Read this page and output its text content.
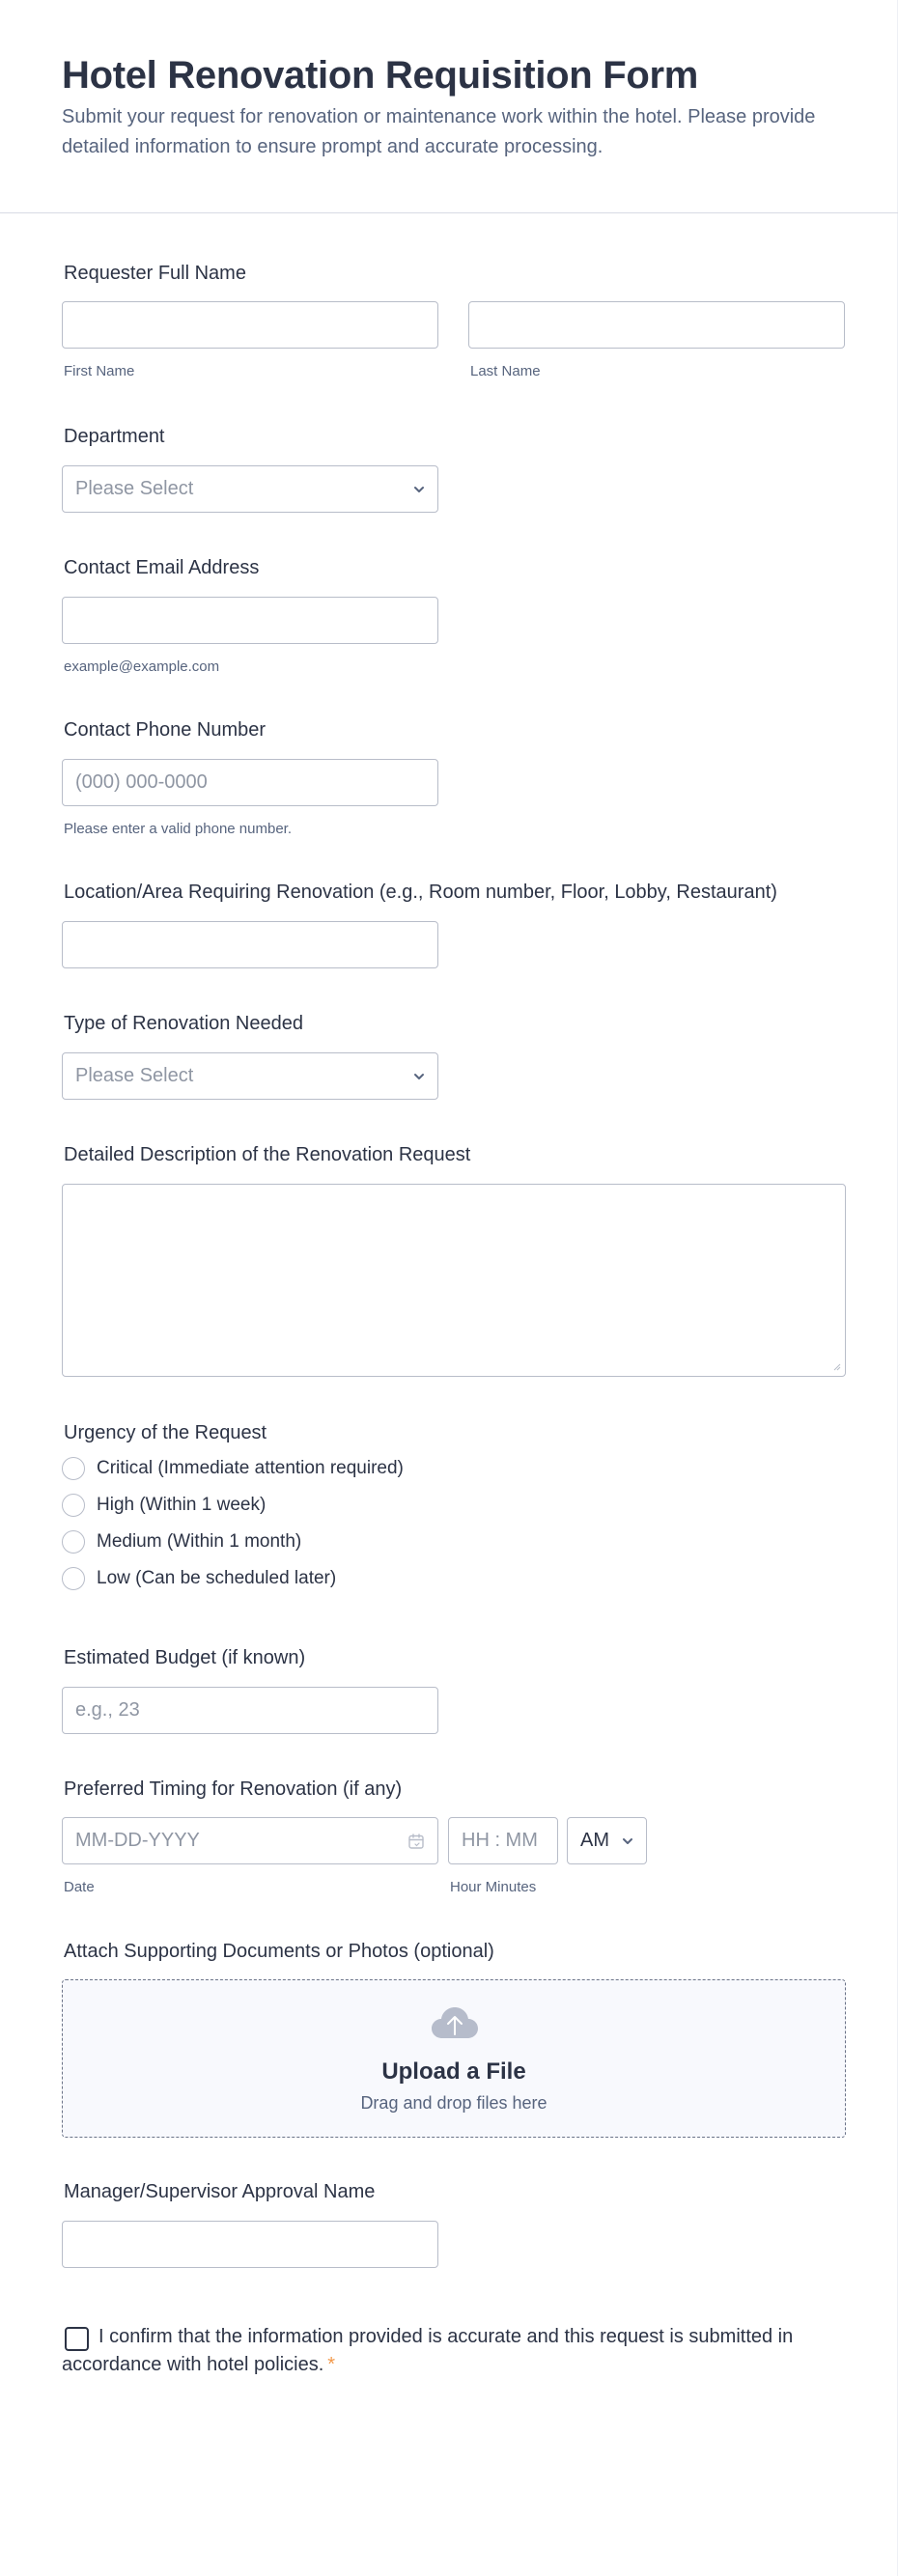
Hotel Renovation Requisition Form

Submit your request for renovation or maintenance work within the hotel. Please provide detailed information to ensure prompt and accurate processing.

Requester Full Name
First Name	Last Name
Department
Please Select
Contact Email Address
example@example.com
Contact Phone Number
(000) 000-0000
Please enter a valid phone number.
Location/Area Requiring Renovation (e.g., Room number, Floor, Lobby, Restaurant)
Type of Renovation Needed
Please Select
Detailed Description of the Renovation Request
Urgency of the Request
Critical (Immediate attention required)
High (Within 1 week)
Medium (Within 1 month)
Low (Can be scheduled later)
Estimated Budget (if known)
e.g., 23
Preferred Timing for Renovation (if any)
MM-DD-YYYY
Date
HH : MM
Hour Minutes
AM
Attach Supporting Documents or Photos (optional)
Upload a File
Drag and drop files here
Manager/Supervisor Approval Name
I confirm that the information provided is accurate and this request is submitted in accordance with hotel policies. *
